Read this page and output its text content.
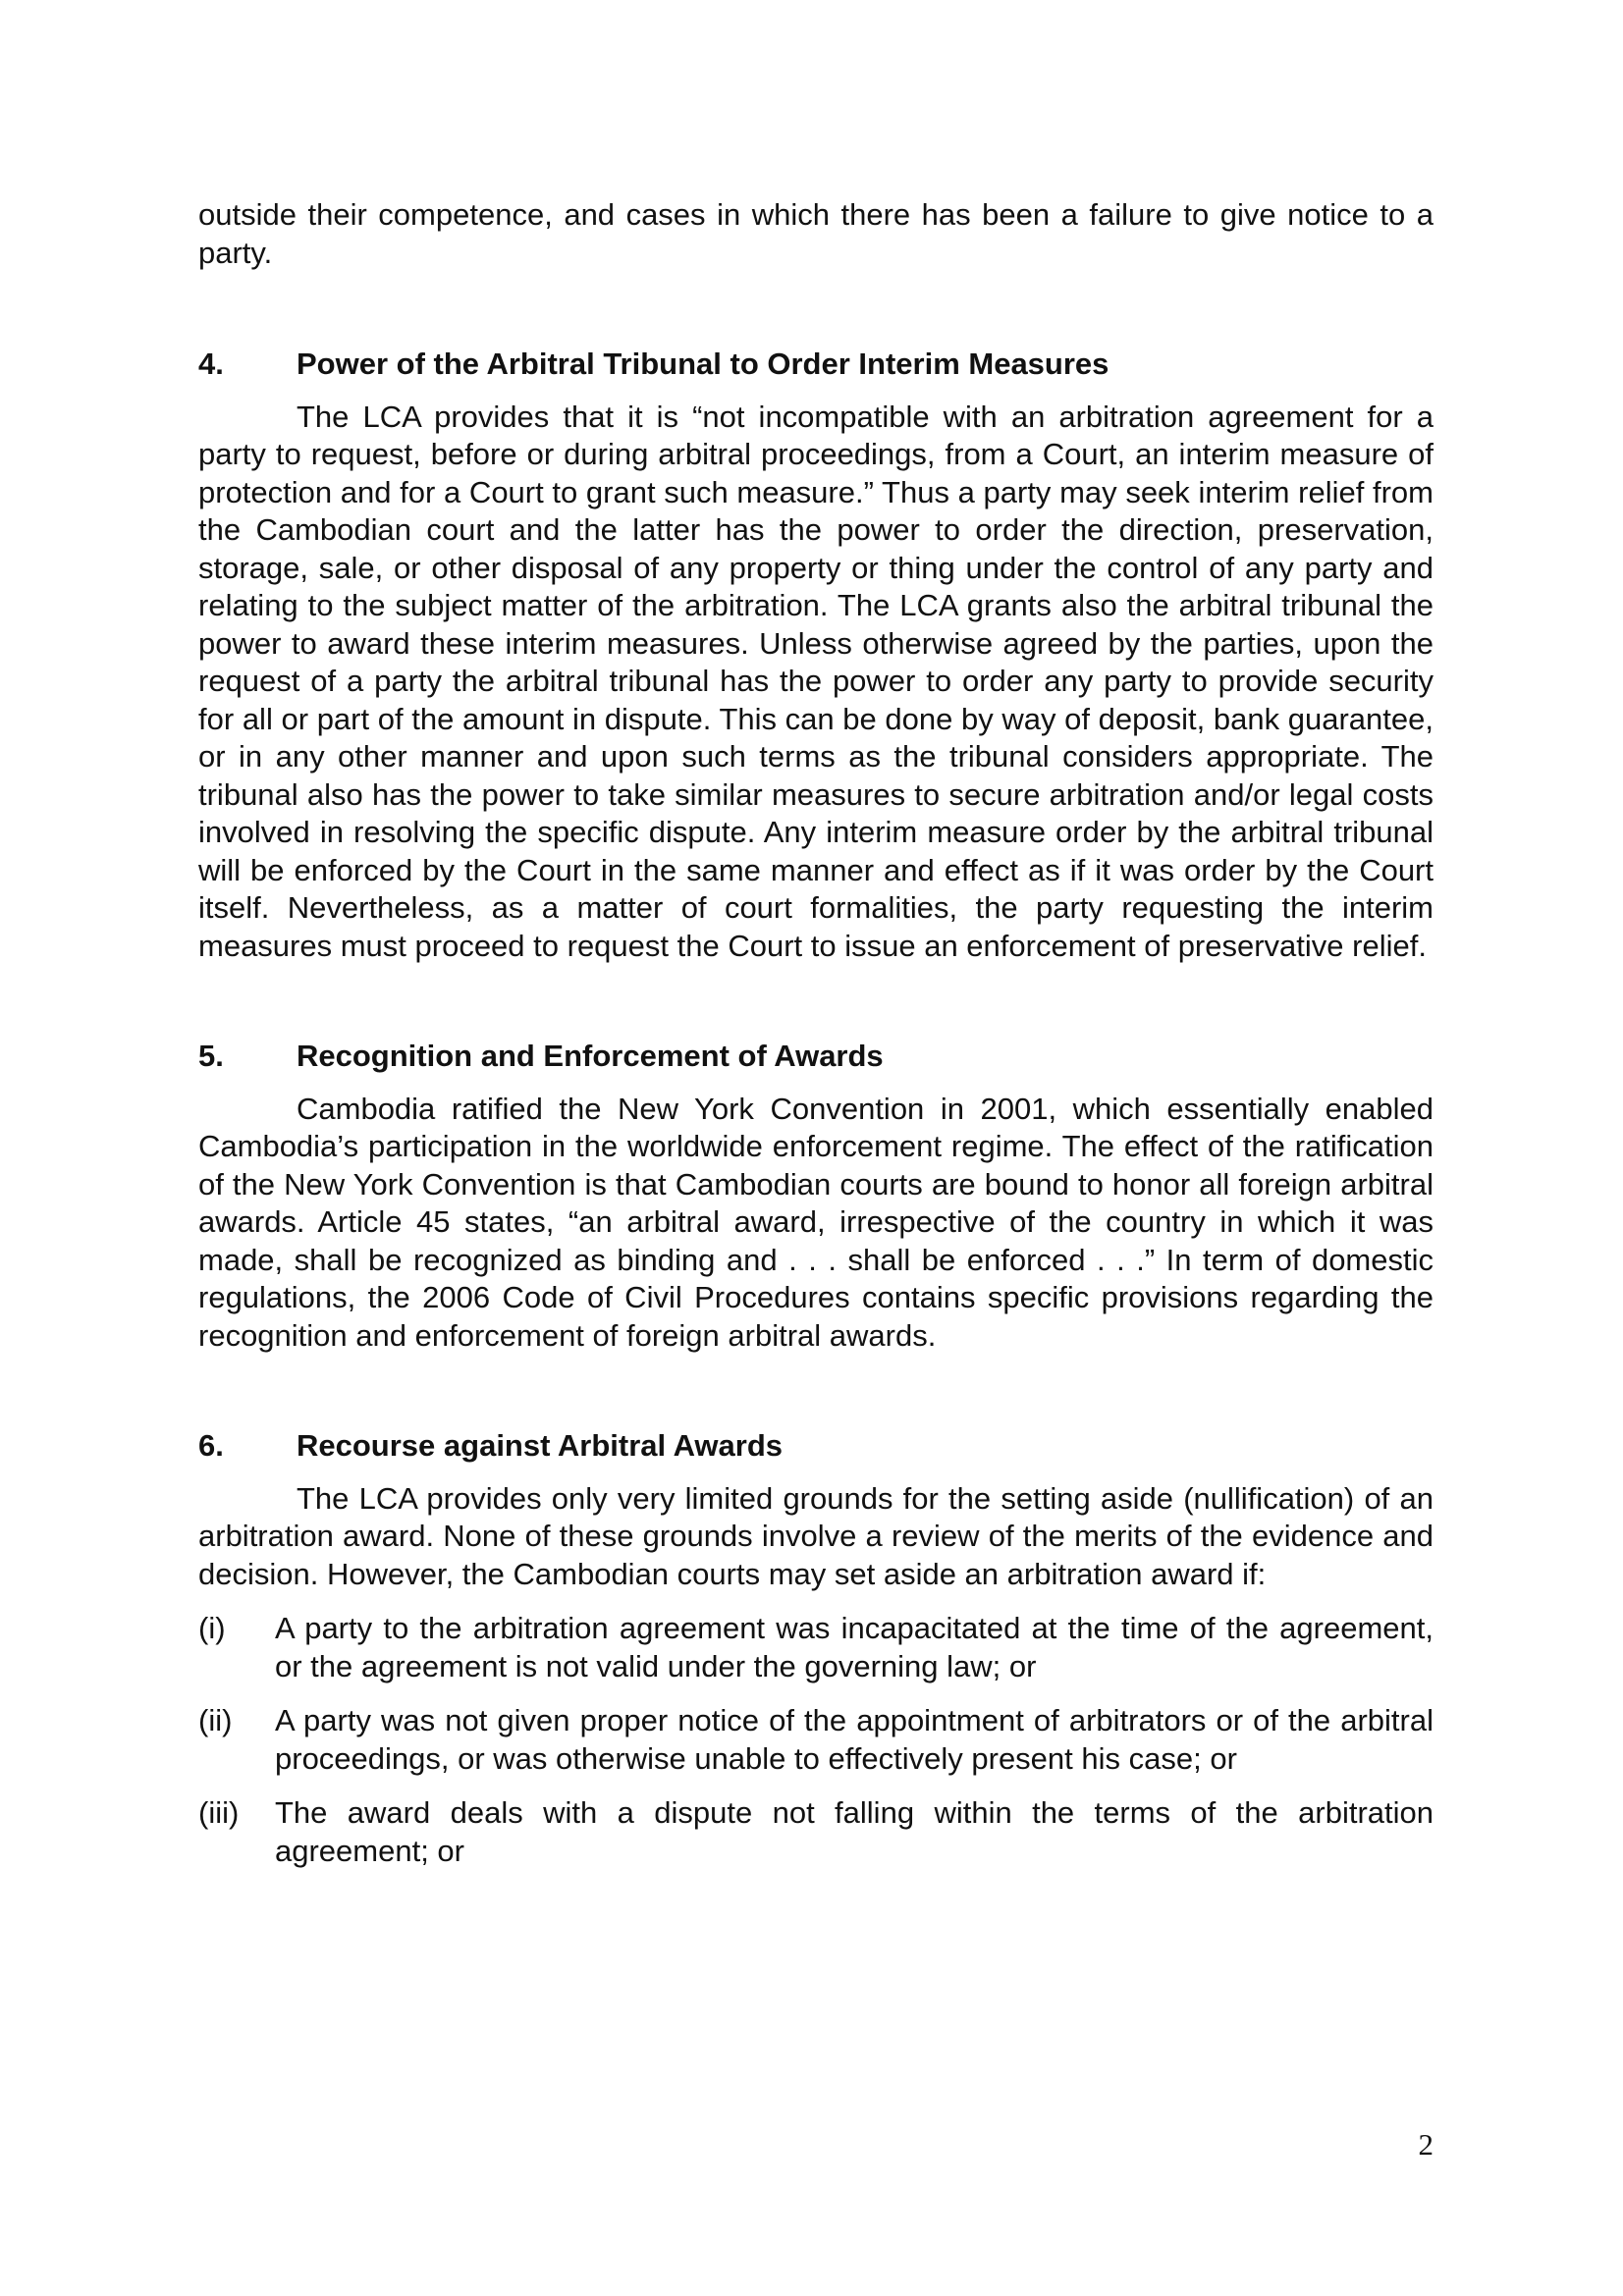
outside their competence, and cases in which there has been a failure to give notice to a party.

4.	Power of the Arbitral Tribunal to Order Interim Measures

The LCA provides that it is “not incompatible with an arbitration agreement for a party to request, before or during arbitral proceedings, from a Court, an interim measure of protection and for a Court to grant such measure.” Thus a party may seek interim relief from the Cambodian court and the latter has the power to order the direction, preservation, storage, sale, or other disposal of any property or thing under the control of any party and relating to the subject matter of the arbitration. The LCA grants also the arbitral tribunal the power to award these interim measures. Unless otherwise agreed by the parties, upon the request of a party the arbitral tribunal has the power to order any party to provide security for all or part of the amount in dispute. This can be done by way of deposit, bank guarantee, or in any other manner and upon such terms as the tribunal considers appropriate. The tribunal also has the power to take similar measures to secure arbitration and/or legal costs involved in resolving the specific dispute. Any interim measure order by the arbitral tribunal will be enforced by the Court in the same manner and effect as if it was order by the Court itself. Nevertheless, as a matter of court formalities, the party requesting the interim measures must proceed to request the Court to issue an enforcement of preservative relief.

5.	Recognition and Enforcement of Awards

Cambodia ratified the New York Convention in 2001, which essentially enabled Cambodia’s participation in the worldwide enforcement regime. The effect of the ratification of the New York Convention is that Cambodian courts are bound to honor all foreign arbitral awards. Article 45 states, “an arbitral award, irrespective of the country in which it was made, shall be recognized as binding and . . . shall be enforced . . .” In term of domestic regulations, the 2006 Code of Civil Procedures contains specific provisions regarding the recognition and enforcement of foreign arbitral awards.

6.	Recourse against Arbitral Awards

The LCA provides only very limited grounds for the setting aside (nullification) of an arbitration award. None of these grounds involve a review of the merits of the evidence and decision. However, the Cambodian courts may set aside an arbitration award if:

(i)	A party to the arbitration agreement was incapacitated at the time of the agreement, or the agreement is not valid under the governing law; or
(ii)	A party was not given proper notice of the appointment of arbitrators or of the arbitral proceedings, or was otherwise unable to effectively present his case; or
(iii)	The award deals with a dispute not falling within the terms of the arbitration agreement; or
2
